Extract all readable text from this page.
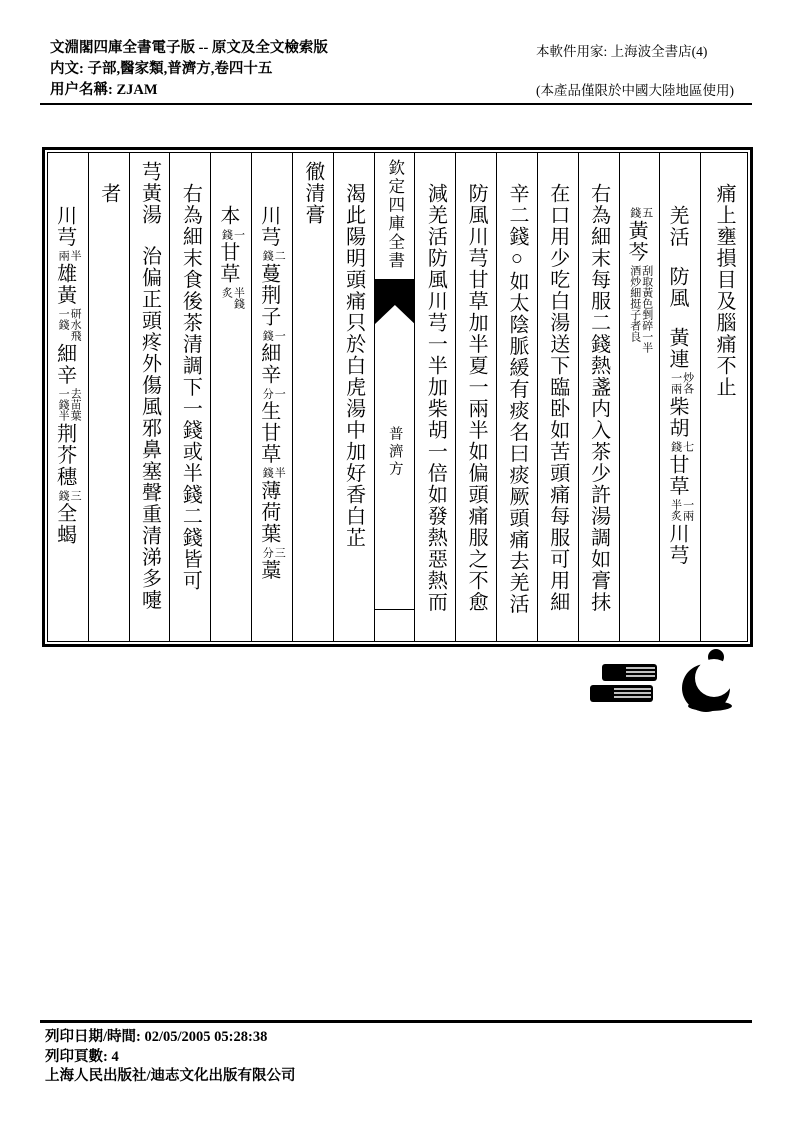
文淵閣四庫全書電子版 -- 原文及全文檢索版
内文: 子部,醫家類,普濟方,卷四十五
用户名稱: ZJAM
本軟件用家: 上海波全書店(4)
(本產品僅限於中國大陸地區使用)
痛上壅損目及腦痛不止
羌活防風黃連
炒各
一兩
柴胡
七
錢
甘草
一兩
半炙
川芎
五
錢
黃芩
刮取黃色剉碎一半
酒炒細挺子者良
右為細末每服二錢熱盞内入茶少許湯調如膏抹
在口用少吃白湯送下臨卧如苦頭痛每服可用細
辛二錢○如太陰脈緩有痰名曰痰厥頭痛去羌活
防風川芎甘草加半夏一兩半如偏頭痛服之不愈
減羌活防風川芎一半加柴胡一倍如發熱惡熱而
欽定四庫全書
普濟方
渴此陽明頭痛只於白虎湯中加好香白芷
徹清膏
川芎
二
錢
蔓荆子
一
錢
細辛
一
分
生甘草
半
錢
薄荷葉
三
分
藁
本
一
錢
甘草
半錢
炙
右為細末食後茶清調下一錢或半錢二錢皆可
芎黃湯治偏正頭疼外傷風邪鼻塞聲重清涕多嚏
者
川芎
半
兩
雄黃
研水飛
一錢
細辛
去苗葉
一錢半
荆芥穗
三
錢
全蝎
列印日期/時間: 02/05/2005 05:28:38
列印頁數: 4
上海人民出版社/迪志文化出版有限公司
